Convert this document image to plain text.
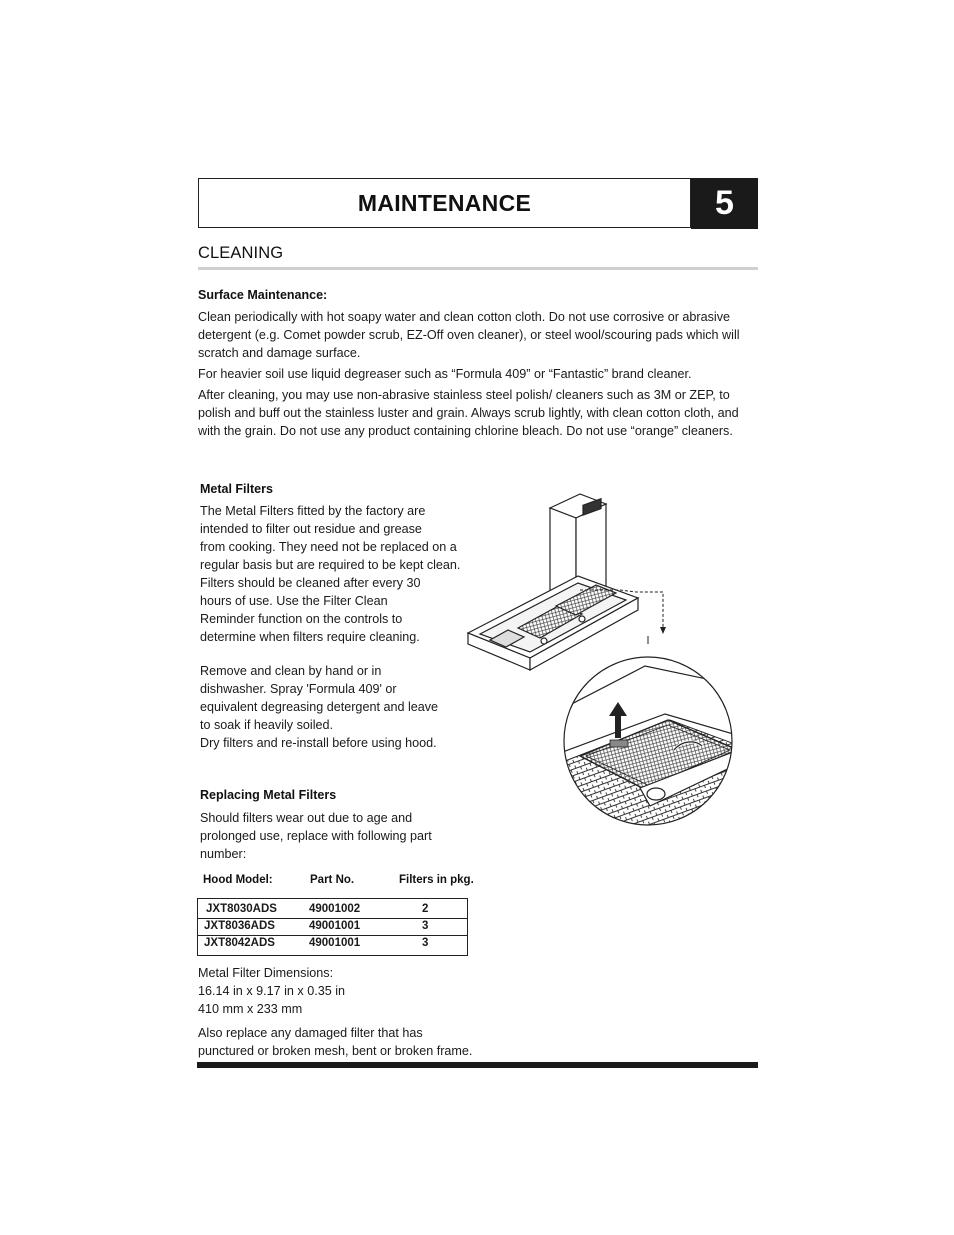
MAINTENANCE	5
CLEANING
Surface Maintenance:
Clean periodically with hot soapy water and clean cotton cloth. Do not use corrosive or abrasive
detergent (e.g. Comet powder scrub, EZ-Off oven cleaner), or steel wool/scouring pads which will
scratch and damage surface.
For heavier soil use liquid degreaser such as “Formula 409” or “Fantastic” brand cleaner.
After cleaning, you may use non-abrasive stainless steel polish/ cleaners such as 3M or ZEP, to
polish and buff out the stainless luster and grain. Always scrub lightly, with clean cotton cloth, and
with the grain. Do not use any product containing chlorine bleach. Do not use “orange” cleaners.
Metal Filters
The Metal Filters fitted by the factory are
intended to filter out residue and grease
from cooking. They need not be replaced on a
regular basis but are required to be kept clean.
Filters should be cleaned after every 30
hours of use. Use the Filter Clean
Reminder function on the controls to
determine when filters require cleaning.
Remove and clean by hand or in
dishwasher. Spray 'Formula 409' or
equivalent degreasing detergent and leave
to soak if heavily soiled.
Dry filters and re-install before using hood.
Replacing Metal Filters
Should filters wear out due to age and
prolonged use, replace with following part
number:
Hood Model:	Part No.	Filters in pkg.
JXT8030ADS	49001002	2
JXT8036ADS	49001001	3
JXT8042ADS	49001001	3
Metal Filter Dimensions:
16.14 in x 9.17 in x 0.35 in
410 mm x 233 mm
Also replace any damaged filter that has
punctured or broken mesh, bent or broken frame.
